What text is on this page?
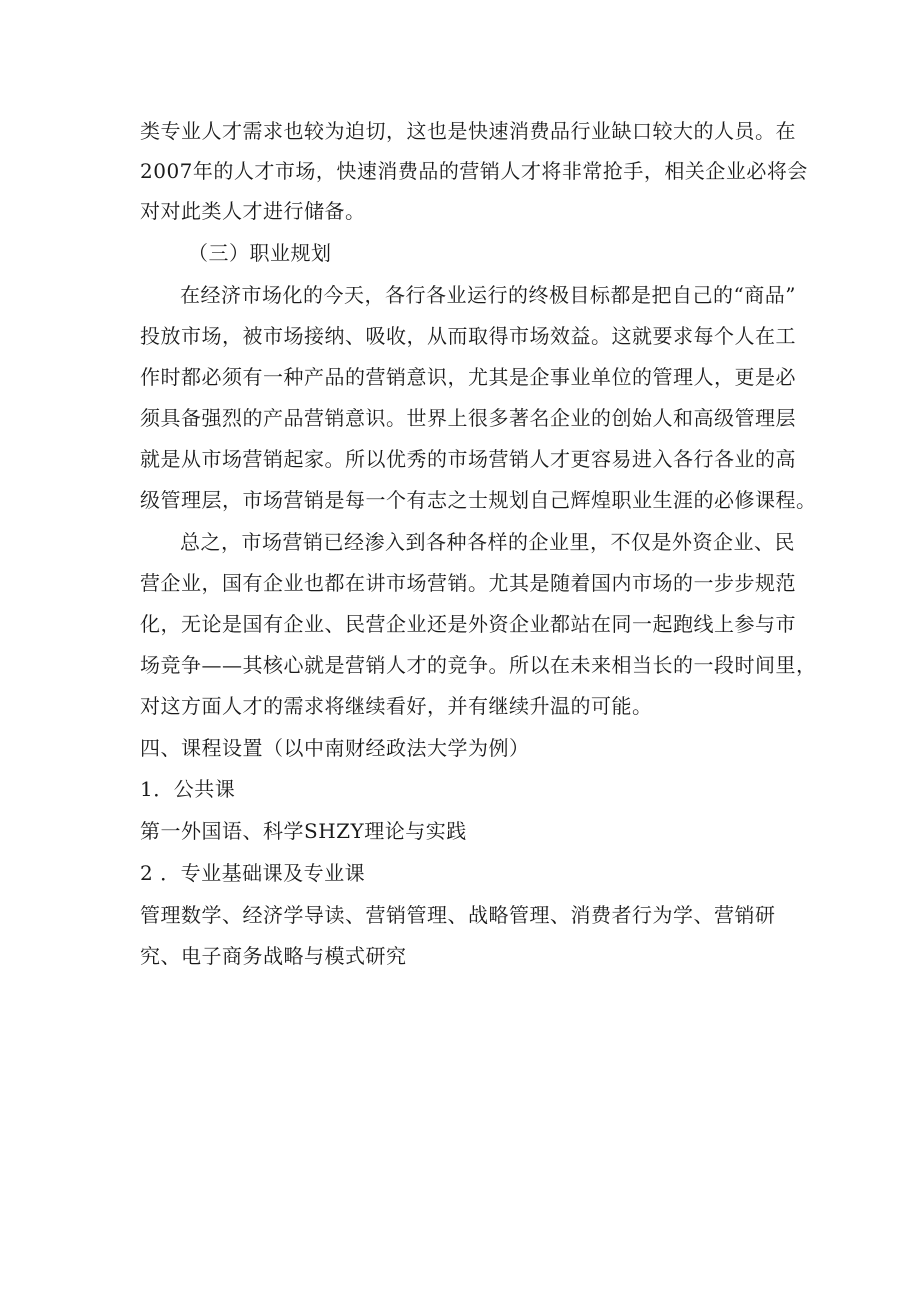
类专业人才需求也较为迫切，这也是快速消费品行业缺口较大的人员。在
2007年的人才市场，快速消费品的营销人才将非常抢手，相关企业必将会
对对此类人才进行储备。
（三）职业规划
在经济市场化的今天，各行各业运行的终极目标都是把自己的“商品”
投放市场，被市场接纳、吸收，从而取得市场效益。这就要求每个人在工
作时都必须有一种产品的营销意识，尤其是企事业单位的管理人，更是必
须具备强烈的产品营销意识。世界上很多著名企业的创始人和高级管理层
就是从市场营销起家。所以优秀的市场营销人才更容易进入各行各业的高
级管理层，市场营销是每一个有志之士规划自己辉煌职业生涯的必修课程。
总之，市场营销已经渗入到各种各样的企业里，不仅是外资企业、民
营企业，国有企业也都在讲市场营销。尤其是随着国内市场的一步步规范
化，无论是国有企业、民营企业还是外资企业都站在同一起跑线上参与市
场竞争——其核心就是营销人才的竞争。所以在未来相当长的一段时间里，
对这方面人才的需求将继续看好，并有继续升温的可能。
四、课程设置（以中南财经政法大学为例）
1．公共课
第一外国语、科学SHZY理论与实践
2 ．专业基础课及专业课
管理数学、经济学导读、营销管理、战略管理、消费者行为学、营销研
究、电子商务战略与模式研究
